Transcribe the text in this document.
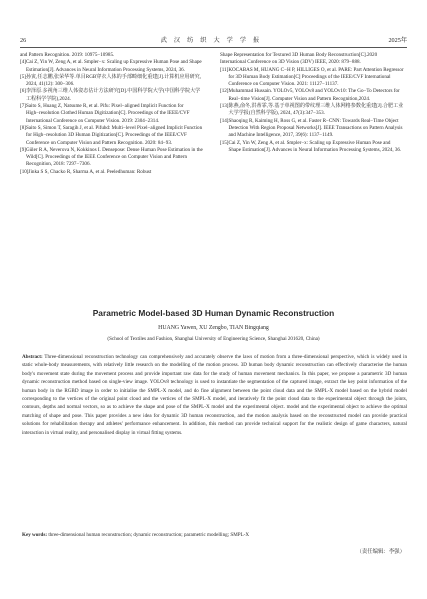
26	武汉纺织大学学报	2025年
and Pattern Recognition. 2019: 10975−10985.
[4] Cai Z, Yin W, Zeng A, et al. Smpler−x: Scaling up Expressive Human Pose and Shape Estimation[J]. Advances in Neural Information Processing Systems, 2024, 36.
[5] 孙寅,任志鹏,张荣华等.单目RGB穿衣人体的手部畸细化重建[J].计算机应用研究, 2024, 41(12): 300−306.
[6] 李泽原.多视角三维人体姿态估计方法研究[D].中国科学院大学(中国科学院大学工程科学学院),2024.
[7] Saito S, Huang Z, Natsume R, et al. Pifu: Pixel−aligned Implicit Function for High−resolution Clothed Human Digitization[C]. Proceedings of the IEEE/CVF International Conference on Computer Vision. 2019: 2304−2314.
[8] Saito S, Simon T, Saragih J, et al. Pifuhd: Multi−level Pixel−aligned Implicit Function for High−resolution 3D Human Digitization[C]. Proceedings of the IEEE/CVF Conference on Computer Vision and Pattern Recognition. 2020: 84−93.
[9] Güler R A, Neverova N, Kokkinos I. Densepose: Dense Human Pose Estimation in the Wild[C]. Proceedings of the IEEE Conference on Computer Vision and Pattern Recognition, 2018: 7297−7306.
[10] Jinka S S, Chacko R, Sharma A, et al. Peeledhuman: Robust
Shape Representation for Textured 3D Human Body Reconstruction[C].2020 International Conference on 3D Vision (3DV) IEEE, 2020: 879−888.
[11] KOCABAS M, HUANG C−H P, HILLIGES O, et al. PARE: Part Attention Regressor for 3D Human Body Estimation[C] Proceedings of the IEEE/CVF International Conference on Computer Vision. 2021: 11127−11137.
[12] Muhammad Hussain. YOLOv5, YOLOv8 and YOLOv10: The Go−To Detectors for Real−time Vision[J]. Computer Vision and Pattern Recognition,2024.
[13] 陈燕,俞冬,洪蒂霏,等.基于单视图的带纹理三维人体网格参数化重建[J].合肥工业大学学报(自然科学版), 2024, 47(3):347−353.
[14] Shaoqing R, Kaiming H, Ross G, et al. Faster R−CNN: Towards Real−Time Object Detection With Region Proposal Networks[J]. IEEE Transactions on Pattern Analysis and Machine Intelligence, 2017, 39(6): 1137−1149.
[15] Cai Z, Yin W, Zeng A, et al. Smpler−x: Scaling up Expressive Human Pose and Shape Estimation[J]. Advances in Neural Information Processing Systems, 2024, 36.
Parametric Model-based 3D Human Dynamic Reconstruction
HUANG Yawen, XU Zengbo, TIAN Bingqiang
(School of Textiles and Fashion, Shanghai University of Engineering Science, Shanghai 201620, China)
Abstract: Three-dimensional reconstruction technology can comprehensively and accurately observe the laws of motion from a three-dimensional perspective, which is widely used in static whole-body measurements, with relatively little research on the modelling of the motion process. 3D human body dynamic reconstruction can effectively characterise the human body's movement state during the movement process and provide important raw data for the study of human movement mechanics. In this paper, we propose a parametric 3D human dynamic reconstruction method based on single-view image. YOLOv8 technology is used to instantiate the segmentation of the captured image, extract the key point information of the human body in the RGBD image in order to initialise the SMPL-X model, and do fine alignment between the point cloud data and the SMPL-X model based on the hybrid model corresponding to the vertices of the original point cloud and the vertices of the SMPL-X model, and iteratively fit the point cloud data to the experimental object through the joints, contours, depths and normal vectors, so as to achieve the shape and pose of the SMPL-X model and the experimental object. model and the experimental object to achieve the optimal matching of shape and pose. This paper provides a new idea for dynamic 3D human reconstruction, and the motion analysis based on the reconstructed model can provide practical solutions for rehabilitation therapy and athletes' performance enhancement. In addition, this method can provide technical support for the realistic design of game characters, natural interaction in virtual reality, and personalised display in virtual fitting systems.
Key words: three-dimensional human reconstruction; dynamic reconstruction; parametric modelling; SMPL-X
（责任编辑：李强）
